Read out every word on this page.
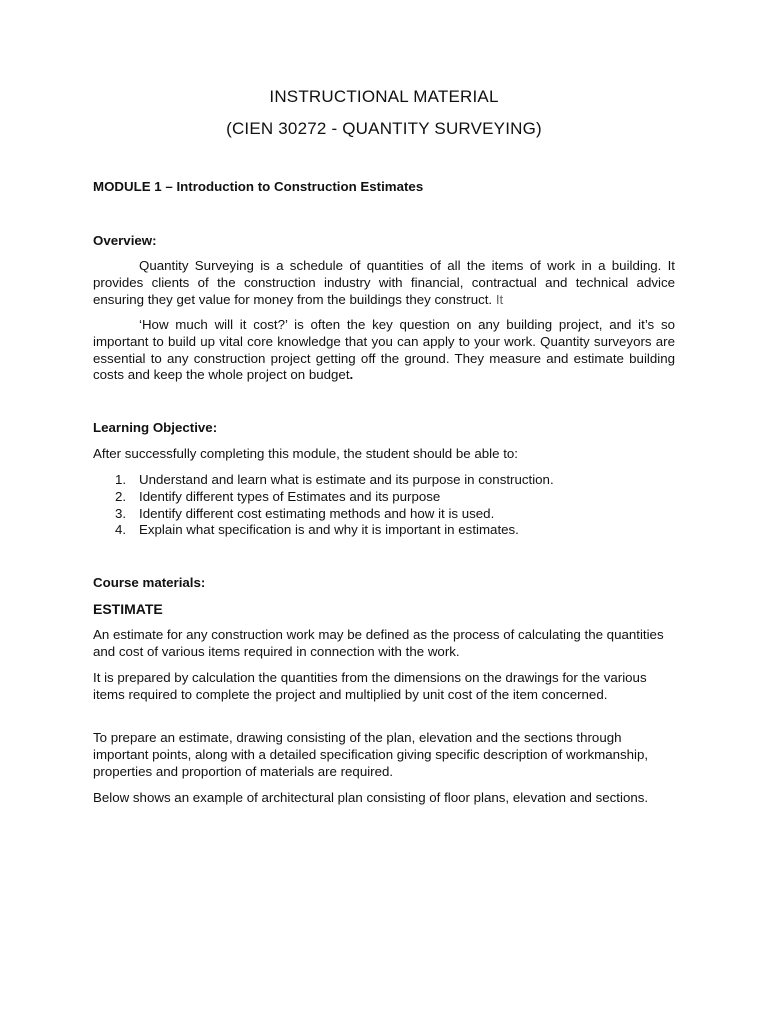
INSTRUCTIONAL MATERIAL
(CIEN 30272 - QUANTITY SURVEYING)
MODULE 1 – Introduction to Construction Estimates
Overview:
Quantity Surveying is a schedule of quantities of all the items of work in a building. It provides clients of the construction industry with financial, contractual and technical advice ensuring they get value for money from the buildings they construct. It
‘How much will it cost?’ is often the key question on any building project, and it’s so important to build up vital core knowledge that you can apply to your work. Quantity surveyors are essential to any construction project getting off the ground. They measure and estimate building costs and keep the whole project on budget.
Learning Objective:
After successfully completing this module, the student should be able to:
1. Understand and learn what is estimate and its purpose in construction.
2. Identify different types of Estimates and its purpose
3. Identify different cost estimating methods and how it is used.
4. Explain what specification is and why it is important in estimates.
Course materials:
ESTIMATE
An estimate for any construction work may be defined as the process of calculating the quantities and cost of various items required in connection with the work.
It is prepared by calculation the quantities from the dimensions on the drawings for the various items required to complete the project and multiplied by unit cost of the item concerned.
To prepare an estimate, drawing consisting of the plan, elevation and the sections through important points, along with a detailed specification giving specific description of workmanship, properties and proportion of materials are required.
Below shows an example of architectural plan consisting of floor plans, elevation and sections.
